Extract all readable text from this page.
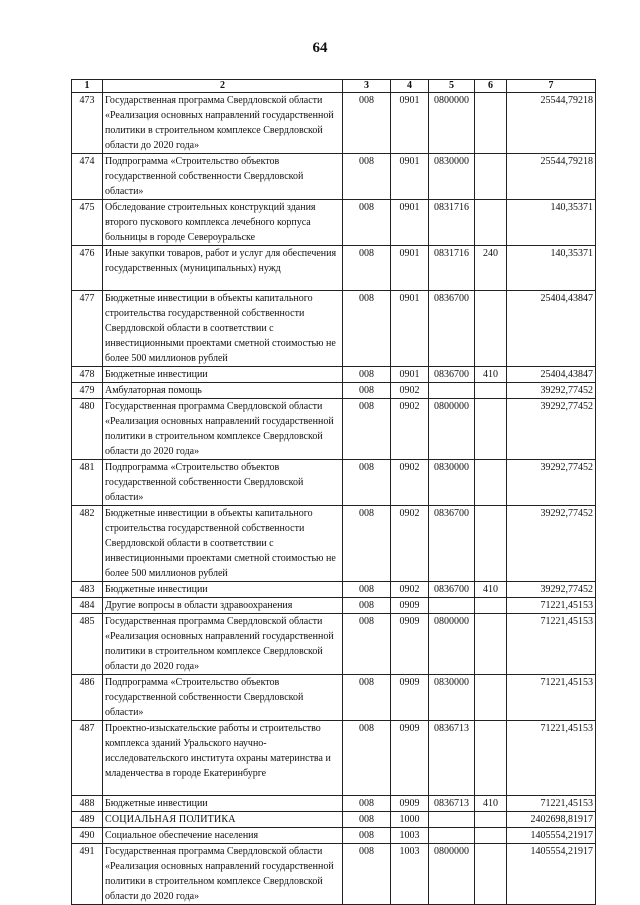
64
1	2	3	4	5	6	7
473	Государственная программа Свердловской области «Реализация основных направлений государственной политики в строительном комплексе Свердловской области до 2020 года»	008	0901	0800000		25544,79218
474	Подпрограмма «Строительство объектов государственной собственности Свердловской области»	008	0901	0830000		25544,79218
475	Обследование строительных конструкций здания второго пускового комплекса лечебного корпуса больницы в городе Североуральске	008	0901	0831716		140,35371
476	Иные закупки товаров, работ и услуг для обеспечения государственных (муниципальных) нужд	008	0901	0831716	240	140,35371
477	Бюджетные инвестиции в объекты капитального строительства государственной собственности Свердловской области в соответствии с инвестиционными проектами сметной стоимостью не более 500 миллионов рублей	008	0901	0836700		25404,43847
478	Бюджетные инвестиции	008	0901	0836700	410	25404,43847
479	Амбулаторная помощь	008	0902			39292,77452
480	Государственная программа Свердловской области «Реализация основных направлений государственной политики в строительном комплексе Свердловской области до 2020 года»	008	0902	0800000		39292,77452
481	Подпрограмма «Строительство объектов государственной собственности Свердловской области»	008	0902	0830000		39292,77452
482	Бюджетные инвестиции в объекты капитального строительства государственной собственности Свердловской области в соответствии с инвестиционными проектами сметной стоимостью не более 500 миллионов рублей	008	0902	0836700		39292,77452
483	Бюджетные инвестиции	008	0902	0836700	410	39292,77452
484	Другие вопросы в области здравоохранения	008	0909			71221,45153
485	Государственная программа Свердловской области «Реализация основных направлений государственной политики в строительном комплексе Свердловской области до 2020 года»	008	0909	0800000		71221,45153
486	Подпрограмма «Строительство объектов государственной собственности Свердловской области»	008	0909	0830000		71221,45153
487	Проектно-изыскательские работы и строительство комплекса зданий Уральского научно-исследовательского института охраны материнства и младенчества в городе Екатеринбурге	008	0909	0836713		71221,45153
488	Бюджетные инвестиции	008	0909	0836713	410	71221,45153
489	СОЦИАЛЬНАЯ ПОЛИТИКА	008	1000			2402698,81917
490	Социальное обеспечение населения	008	1003			1405554,21917
491	Государственная программа Свердловской области «Реализация основных направлений государственной политики в строительном комплексе Свердловской области до 2020 года»	008	1003	0800000		1405554,21917
